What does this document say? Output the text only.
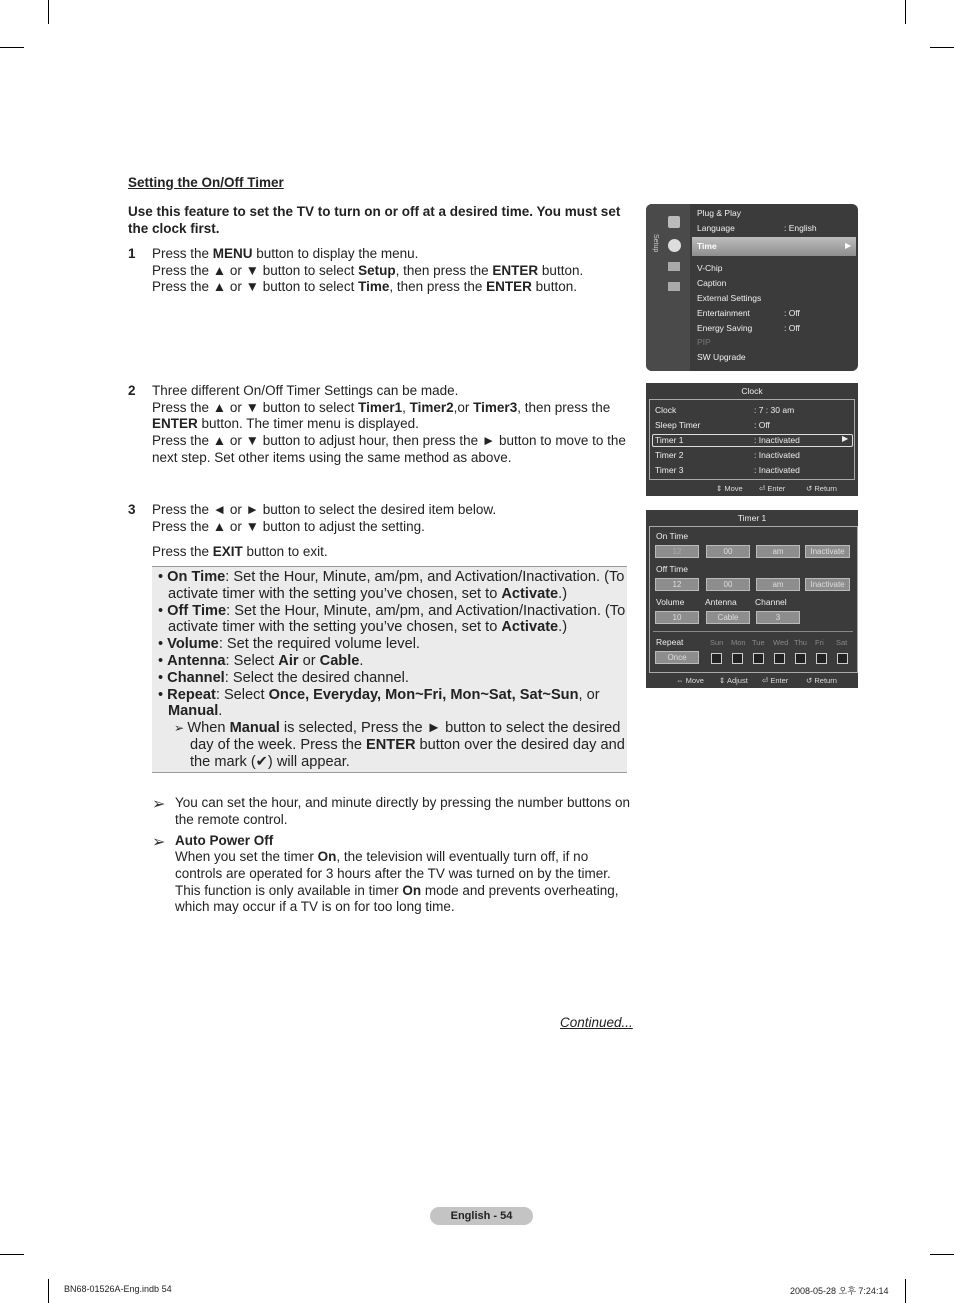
Setting the On/Off Timer
Use this feature to set the TV to turn on or off at a desired time. You must set the clock first.
1 Press the MENU button to display the menu.

Press the ▲ or ▼ button to select Setup, then press the ENTER button.

Press the ▲ or ▼ button to select Time, then press the ENTER button.

2 Three different On/Off Timer Settings can be made.

Press the ▲ or ▼ button to select Timer1, Timer2,or Timer3, then press the ENTER button. The timer menu is displayed.

Press the ▲ or ▼ button to adjust hour, then press the ► button to move to the next step. Set other items using the same method as above.

3 Press the ◄ or ► button to select the desired item below.

Press the ▲ or ▼ button to adjust the setting.

Press the EXIT button to exit.

• On Time: Set the Hour, Minute, am/pm, and Activation/Inactivation. (To activate timer with the setting you’ve chosen, set to Activate.)

• Off Time: Set the Hour, Minute, am/pm, and Activation/Inactivation. (To activate timer with the setting you’ve chosen, set to Activate.)

• Volume: Set the required volume level.

• Antenna: Select Air or Cable.

• Channel: Select the desired channel.

• Repeat: Select Once, Everyday, Mon~Fri, Mon~Sat, Sat~Sun, or Manual.

➢ When Manual is selected, Press the ► button to select the desired day of the week. Press the ENTER button over the desired day and the mark (✔) will appear.

➢ You can set the hour, and minute directly by pressing the number buttons on the remote control.
➢ Auto Power Off
When you set the timer On, the television will eventually turn off, if no controls are operated for 3 hours after the TV was turned on by the timer. This function is only available in timer On mode and prevents overheating, which may occur if a TV is on for too long time.
Continued...
English - 54
BN68-01526A-Eng.indb 54	2008-05-28 오후 7:24:14
Setup
Plug & Play
Language	: English
Time
V-Chip
Caption
External Settings
Entertainment	: Off
Energy Saving	: Off
PIP
SW Upgrade
▶
Clock
▶
Clock	: 7 : 30 am
Sleep Timer	: Off
Timer 1	: Inactivated
Timer 2	: Inactivated
Timer 3	: Inactivated
⇕ Move ⏎ Enter	↺ Return
Timer 1
On Time
12	00	am	Inactivate
Off Time
12	00	am	Inactivate
Volume Antenna Channel
10	Cable	3
Repeat
Once
Sun Mon Tue Wed Thu Fri Sat
⇔ Move ⇕ Adjust ⏎ Enter ↺ Return
